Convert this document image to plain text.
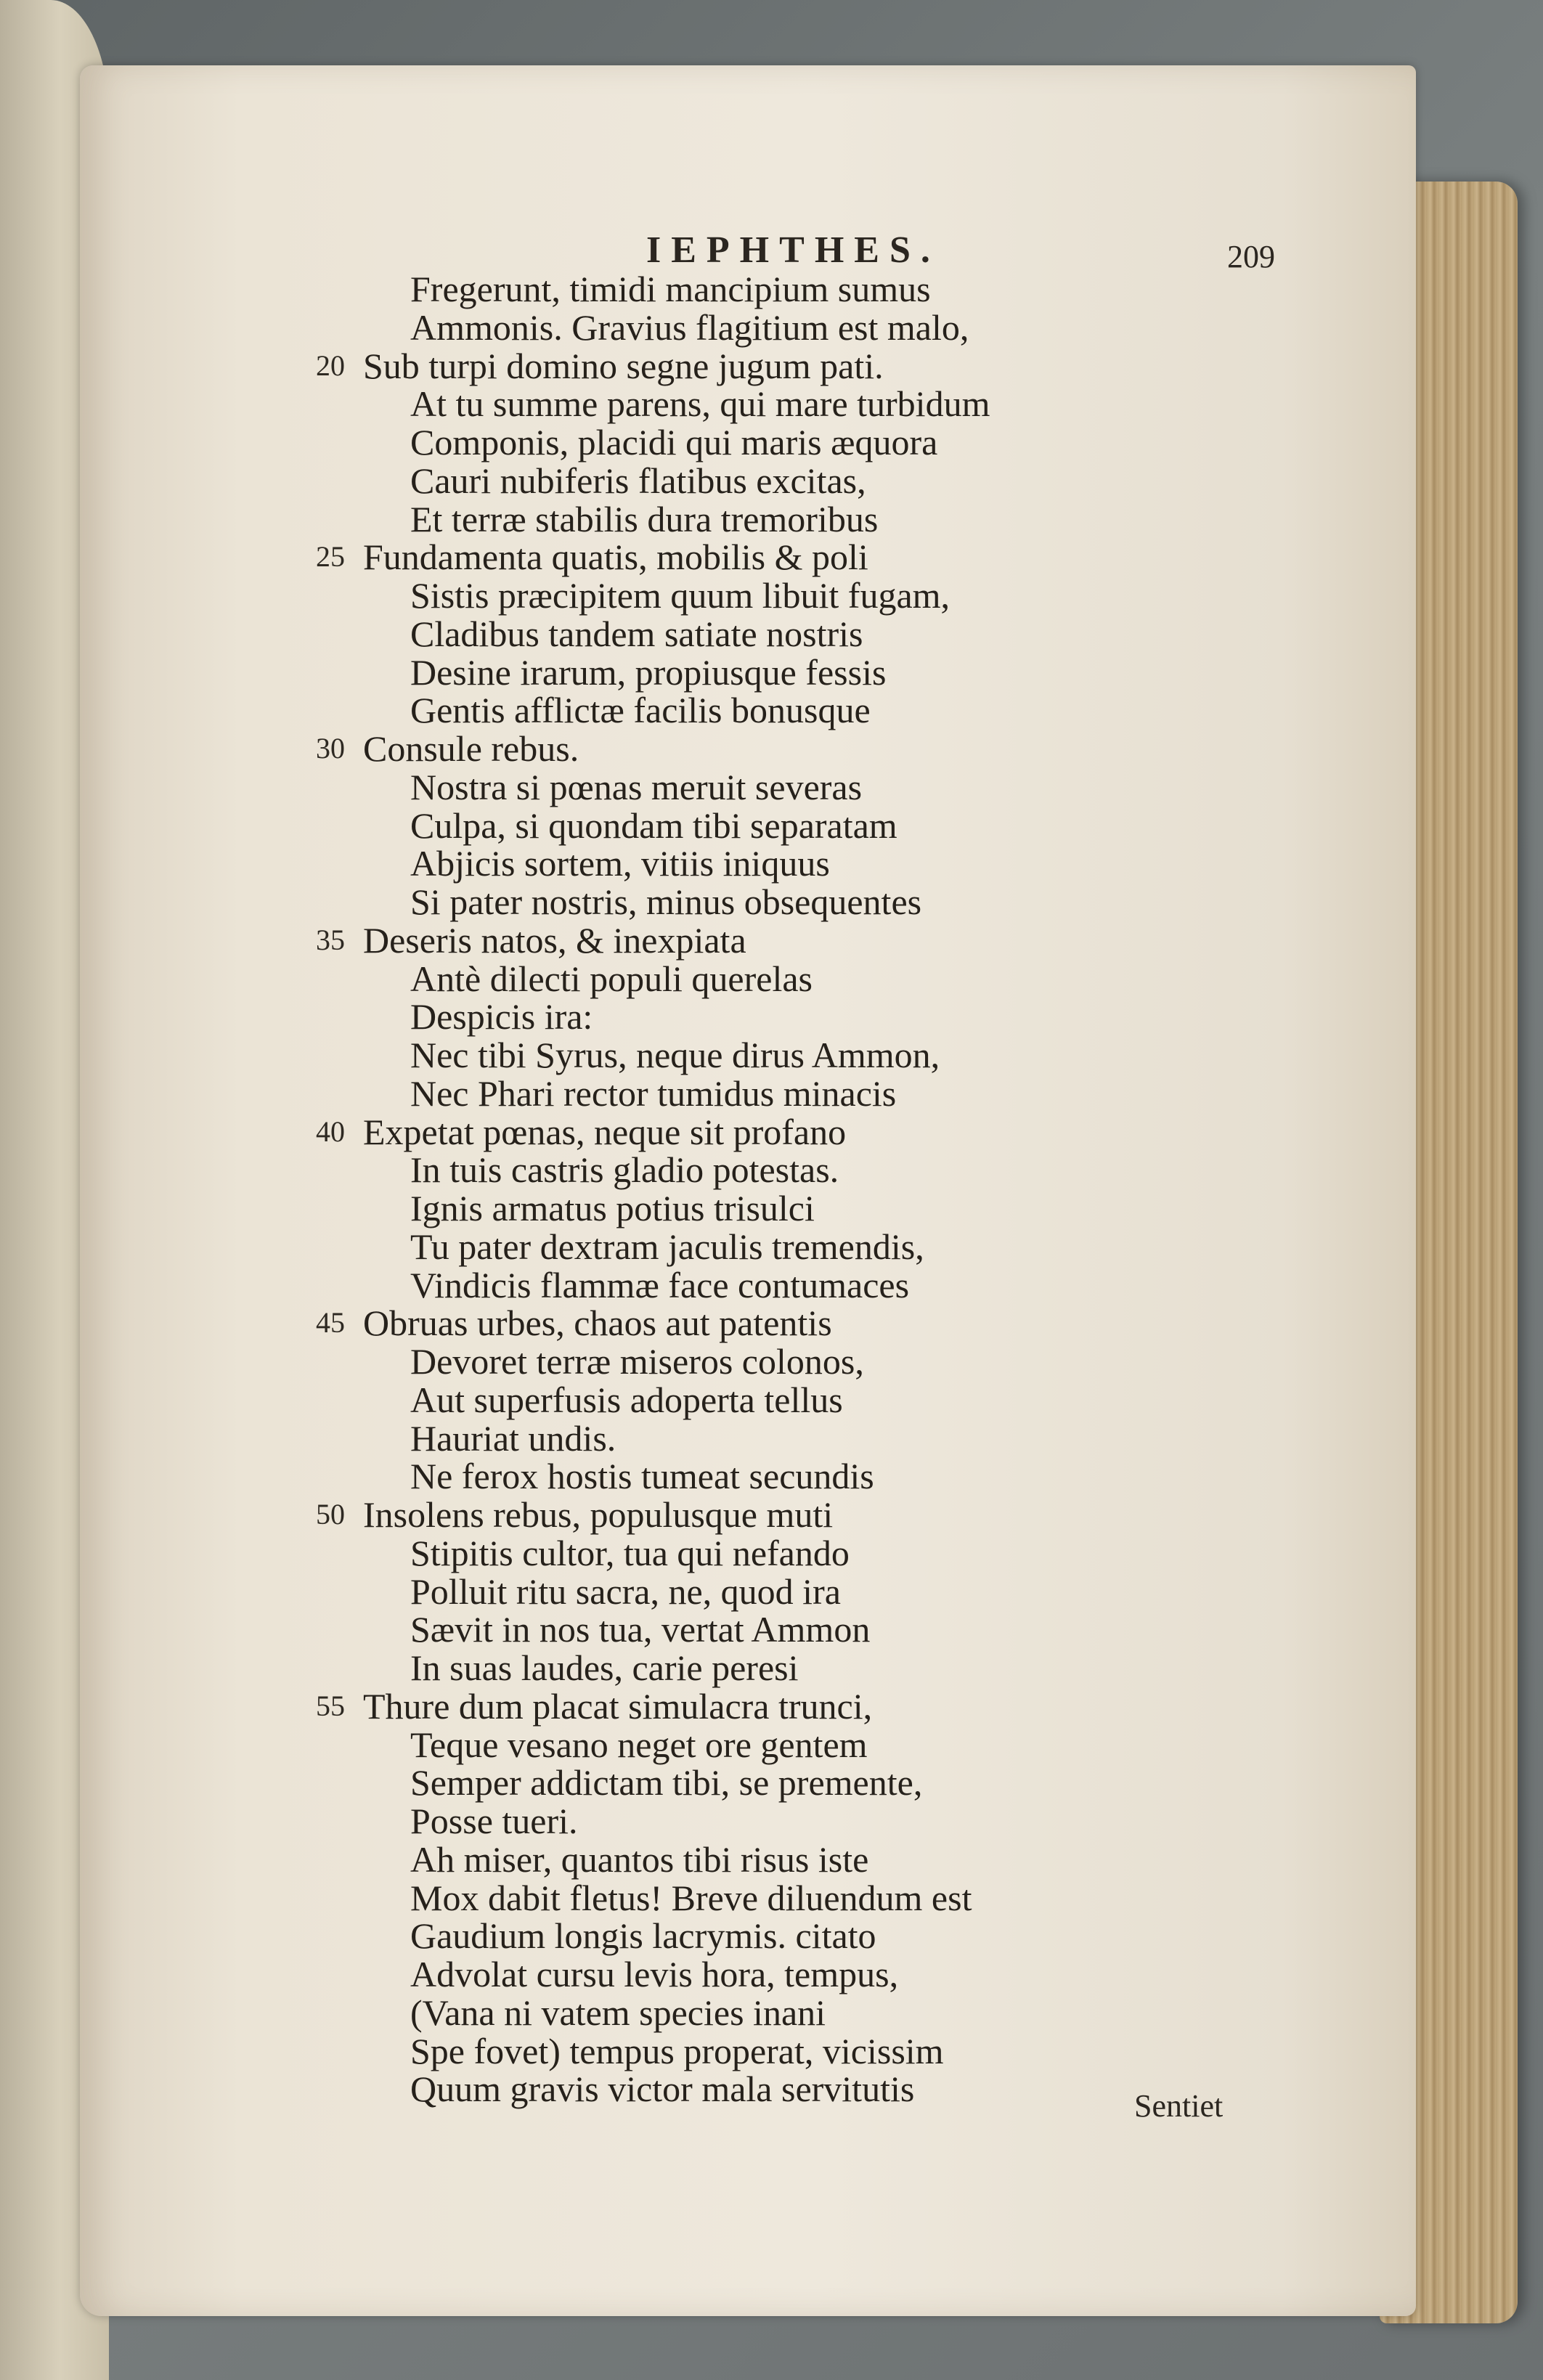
IEPHTHES.	209
Fregerunt, timidi mancipium sumus
Ammonis. Gravius flagitium est malo,
20 Sub turpi domino segne jugum pati.
At tu summe parens, qui mare turbidum
Componis, placidi qui maris æquora
Cauri nubiferis flatibus excitas,
Et terræ stabilis dura tremoribus
25 Fundamenta quatis, mobilis & poli
Sistis præcipitem quum libuit fugam,
Cladibus tandem satiate nostris
Desine irarum, propiusque fessis
Gentis afflictæ facilis bonusque
30 Consule rebus.
Nostra si pœnas meruit severas
Culpa, si quondam tibi separatam
Abjicis sortem, vitiis iniquus
Si pater nostris, minus obsequentes
35 Deseris natos, & inexpiata
Antè dilecti populi querelas
Despicis ira:
Nec tibi Syrus, neque dirus Ammon,
Nec Phari rector tumidus minacis
40 Expetat pœnas, neque sit profano
In tuis castris gladio potestas.
Ignis armatus potius trisulci
Tu pater dextram jaculis tremendis,
Vindicis flammæ face contumaces
45 Obruas urbes, chaos aut patentis
Devoret terræ miseros colonos,
Aut superfusis adoperta tellus
Hauriat undis.
Ne ferox hostis tumeat secundis
50 Insolens rebus, populusque muti
Stipitis cultor, tua qui nefando
Polluit ritu sacra, ne, quod ira
Sævit in nos tua, vertat Ammon
In suas laudes, carie peresi
55 Thure dum placat simulacra trunci,
Teque vesano neget ore gentem
Semper addictam tibi, se premente,
Posse tueri.
Ah miser, quantos tibi risus iste
Mox dabit fletus! Breve diluendum est
Gaudium longis lacrymis. citato
Advolat cursu levis hora, tempus,
(Vana ni vatem species inani
Spe fovet) tempus properat, vicissim
Quum gravis victor mala servitutis	Sentiet
